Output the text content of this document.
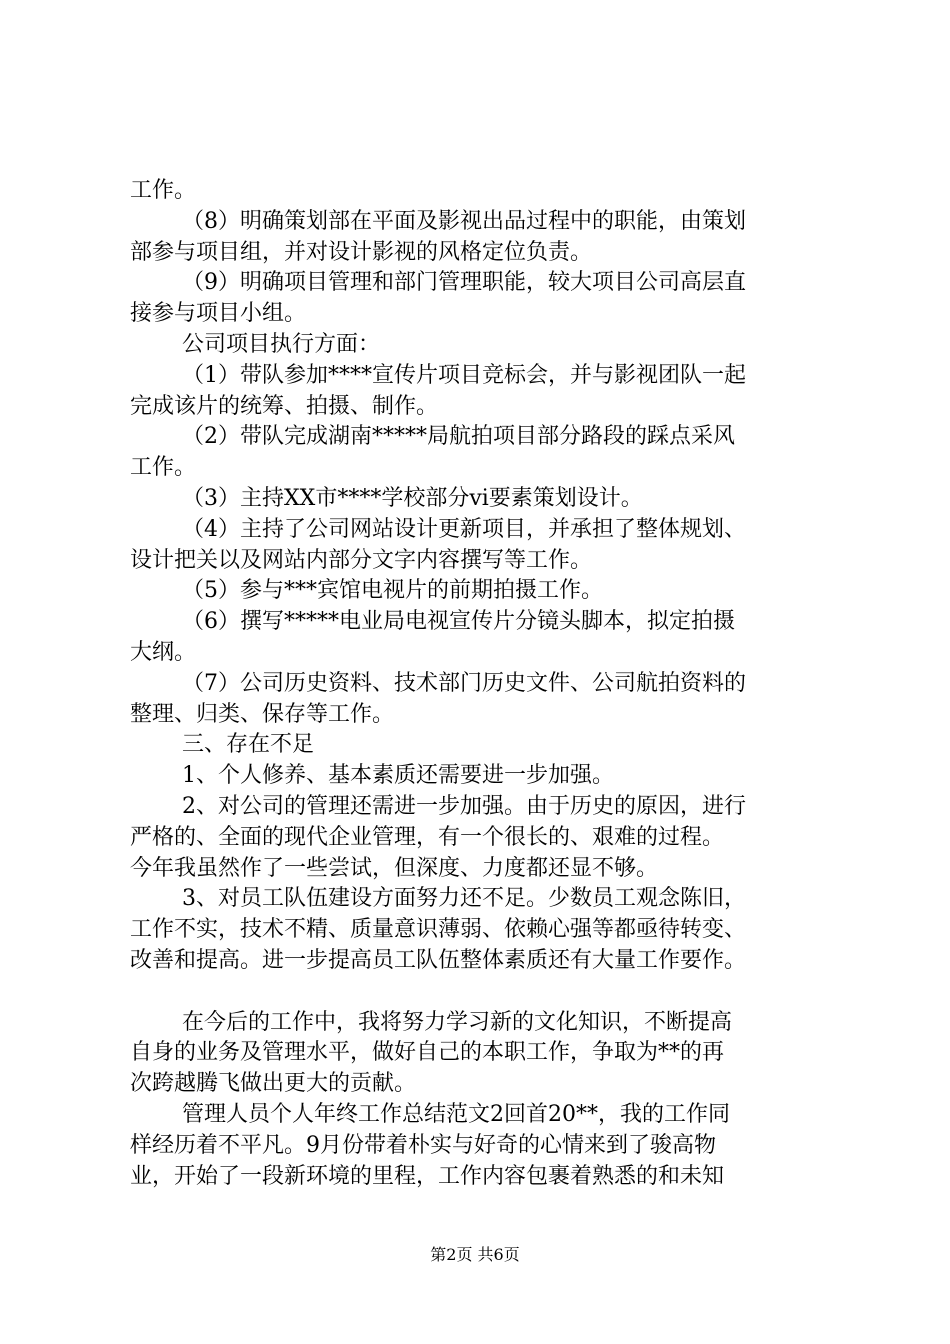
工作。
（8）明确策划部在平面及影视出品过程中的职能，由策划
部参与项目组，并对设计影视的风格定位负责。
（9）明确项目管理和部门管理职能，较大项目公司高层直
接参与项目小组。
公司项目执行方面：
（1）带队参加****宣传片项目竞标会，并与影视团队一起
完成该片的统筹、拍摄、制作。
（2）带队完成湖南*****局航拍项目部分路段的踩点采风
工作。
（3）主持XX市****学校部分vi要素策划设计。
（4）主持了公司网站设计更新项目，并承担了整体规划、
设计把关以及网站内部分文字内容撰写等工作。
（5）参与***宾馆电视片的前期拍摄工作。
（6）撰写*****电业局电视宣传片分镜头脚本，拟定拍摄
大纲。
（7）公司历史资料、技术部门历史文件、公司航拍资料的
整理、归类、保存等工作。
三、存在不足
1、个人修养、基本素质还需要进一步加强。
2、对公司的管理还需进一步加强。由于历史的原因，进行
严格的、全面的现代企业管理，有一个很长的、艰难的过程。
今年我虽然作了一些尝试，但深度、力度都还显不够。
3、对员工队伍建设方面努力还不足。少数员工观念陈旧，
工作不实，技术不精、质量意识薄弱、依赖心强等都亟待转变、
改善和提高。进一步提高员工队伍整体素质还有大量工作要作。
在今后的工作中，我将努力学习新的文化知识，不断提高
自身的业务及管理水平，做好自己的本职工作，争取为**的再
次跨越腾飞做出更大的贡献。
管理人员个人年终工作总结范文2回首20**，我的工作同
样经历着不平凡。9月份带着朴实与好奇的心情来到了骏高物
业，开始了一段新环境的里程，工作内容包裹着熟悉的和未知
第2页 共6页
